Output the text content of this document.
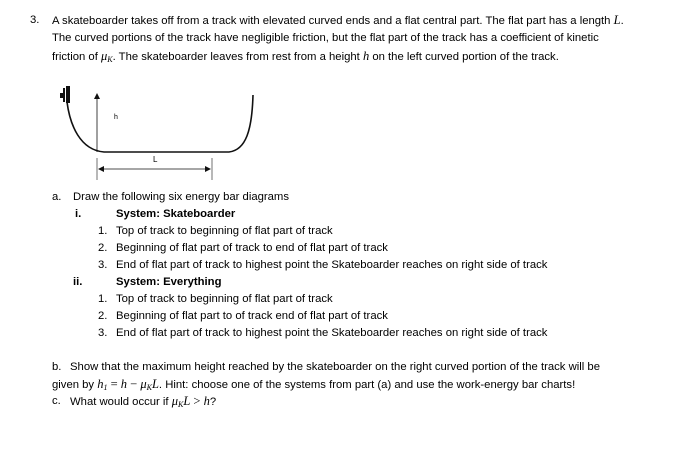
3. A skateboarder takes off from a track with elevated curved ends and a flat central part. The flat part has a length L.
The curved portions of the track have negligible friction, but the flat part of the track has a coefficient of kinetic
friction of $\mu_K$. The skateboarder leaves from rest from a height h on the left curved portion of the track.
h
L
a. Draw the following six energy bar diagrams
i.	System: Skateboarder
1. Top of track to beginning of flat part of track
2. Beginning of flat part of track to end of flat part of track
3. End of flat part of track to highest point the Skateboarder reaches on right side of track
ii.	System: Everything
1. Top of track to beginning of flat part of track
2. Beginning of flat part to of track end of flat part of track
3. End of flat part of track to highest point the Skateboarder reaches on right side of track
b. Show that the maximum height reached by the skateboarder on the right curved portion of the track will be
given by $h_1 = h - \mu_KL$. Hint: choose one of the systems from part (a) and use the work-energy bar charts!
c. What would occur if $\mu_KL > h$?
